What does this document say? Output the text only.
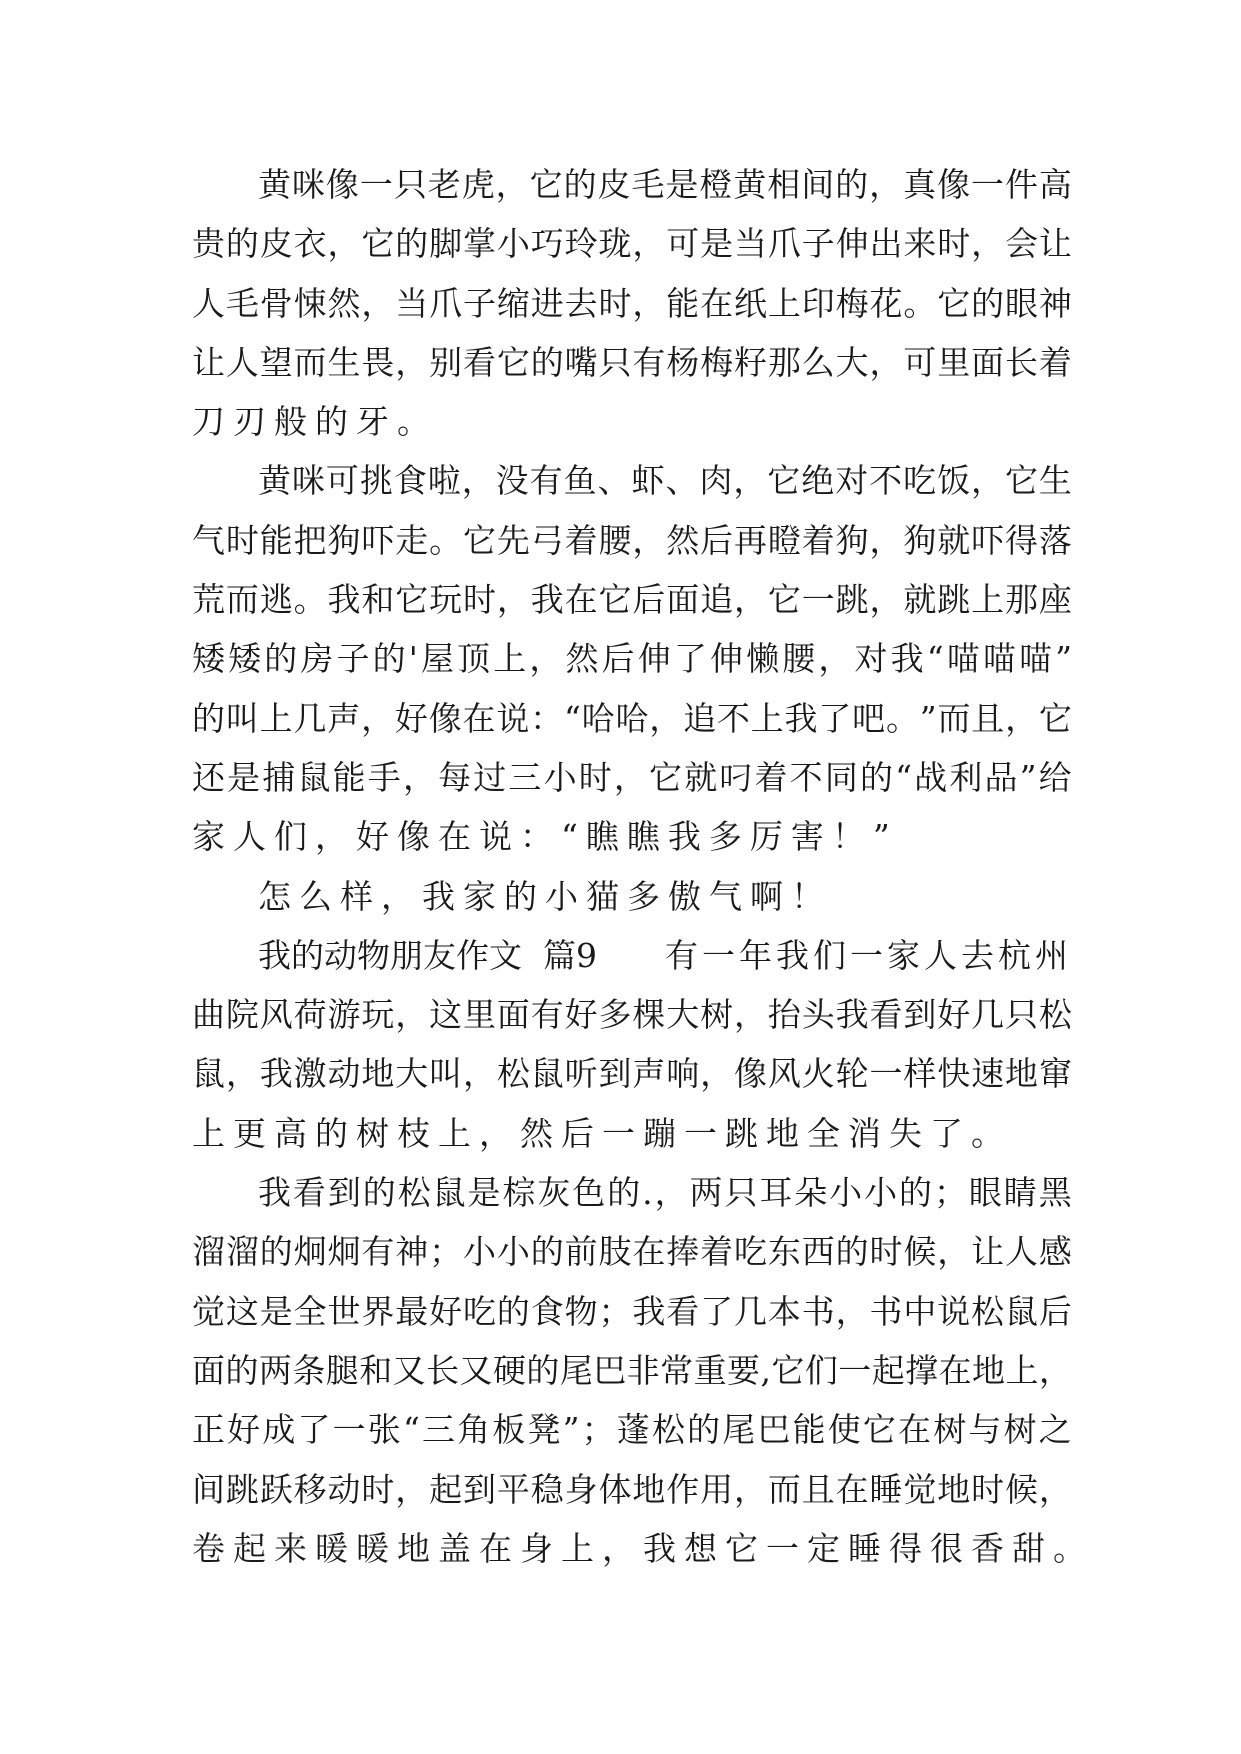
黄 咪 像 一 只 老 虎 ， 它 的 皮 毛 是 橙 黄 相 间 的 ， 真 像 一 件 高
贵 的 皮 衣 ， 它 的 脚 掌 小 巧 玲 珑 ， 可 是 当 爪 子 伸 出 来 时 ， 会 让
人 毛 骨 悚 然 ， 当 爪 子 缩 进 去 时 ， 能 在 纸 上 印 梅 花 。 它 的 眼 神
让 人 望 而 生 畏 ， 别 看 它 的 嘴 只 有 杨 梅 籽 那 么 大 ， 可 里 面 长 着
刀刃般的牙。
黄 咪 可 挑 食 啦 ， 没 有 鱼 、 虾 、 肉 ， 它 绝 对 不 吃 饭 ， 它 生
气 时 能 把 狗 吓 走 。 它 先 弓 着 腰 ， 然 后 再 瞪 着 狗 ， 狗 就 吓 得 落
荒 而 逃 。 我 和 它 玩 时 ， 我 在 它 后 面 追 ， 它 一 跳 ， 就 跳 上 那 座
矮 矮 的 房 子 的 ' 屋 顶 上 ， 然 后 伸 了 伸 懒 腰 ， 对 我 “ 喵 喵 喵 ”
的 叫 上 几 声 ， 好 像 在 说 ： “ 哈 哈 ， 追 不 上 我 了 吧 。 ” 而 且 ， 它
还 是 捕 鼠 能 手 ， 每 过 三 小 时 ， 它 就 叼 着 不 同 的 “ 战 利 品 ” 给
家人们，好像在说：“瞧瞧我多厉害！”
怎么样，我家的小猫多傲气啊！
我的动物朋友作文  篇9 有一年我们一家人去杭州
曲 院 风 荷 游 玩 ， 这 里 面 有 好 多 棵 大 树 ， 抬 头 我 看 到 好 几 只 松
鼠 ， 我 激 动 地 大 叫 ， 松 鼠 听 到 声 响 ， 像 风 火 轮 一 样 快 速 地 窜
上更高的树枝上，然后一蹦一跳地全消失了。
我 看 到 的 松 鼠 是 棕 灰 色 的 . ， 两 只 耳 朵 小 小 的 ； 眼 睛 黑
溜 溜 的 炯 炯 有 神 ； 小 小 的 前 肢 在 捧 着 吃 东 西 的 时 候 ， 让 人 感
觉 这 是 全 世 界 最 好 吃 的 食 物 ； 我 看 了 几 本 书 ， 书 中 说 松 鼠 后
面 的 两 条 腿 和 又 长 又 硬 的 尾 巴 非 常 重 要 , 它 们 一 起 撑 在 地 上 ，
正 好 成 了 一 张 “ 三 角 板 凳 ” ； 蓬 松 的 尾 巴 能 使 它 在 树 与 树 之
间 跳 跃 移 动 时 ， 起 到 平 稳 身 体 地 作 用 ， 而 且 在 睡 觉 地 时 候 ，
卷起来暖暖地盖在身上，我想它一定睡得很香甜。
